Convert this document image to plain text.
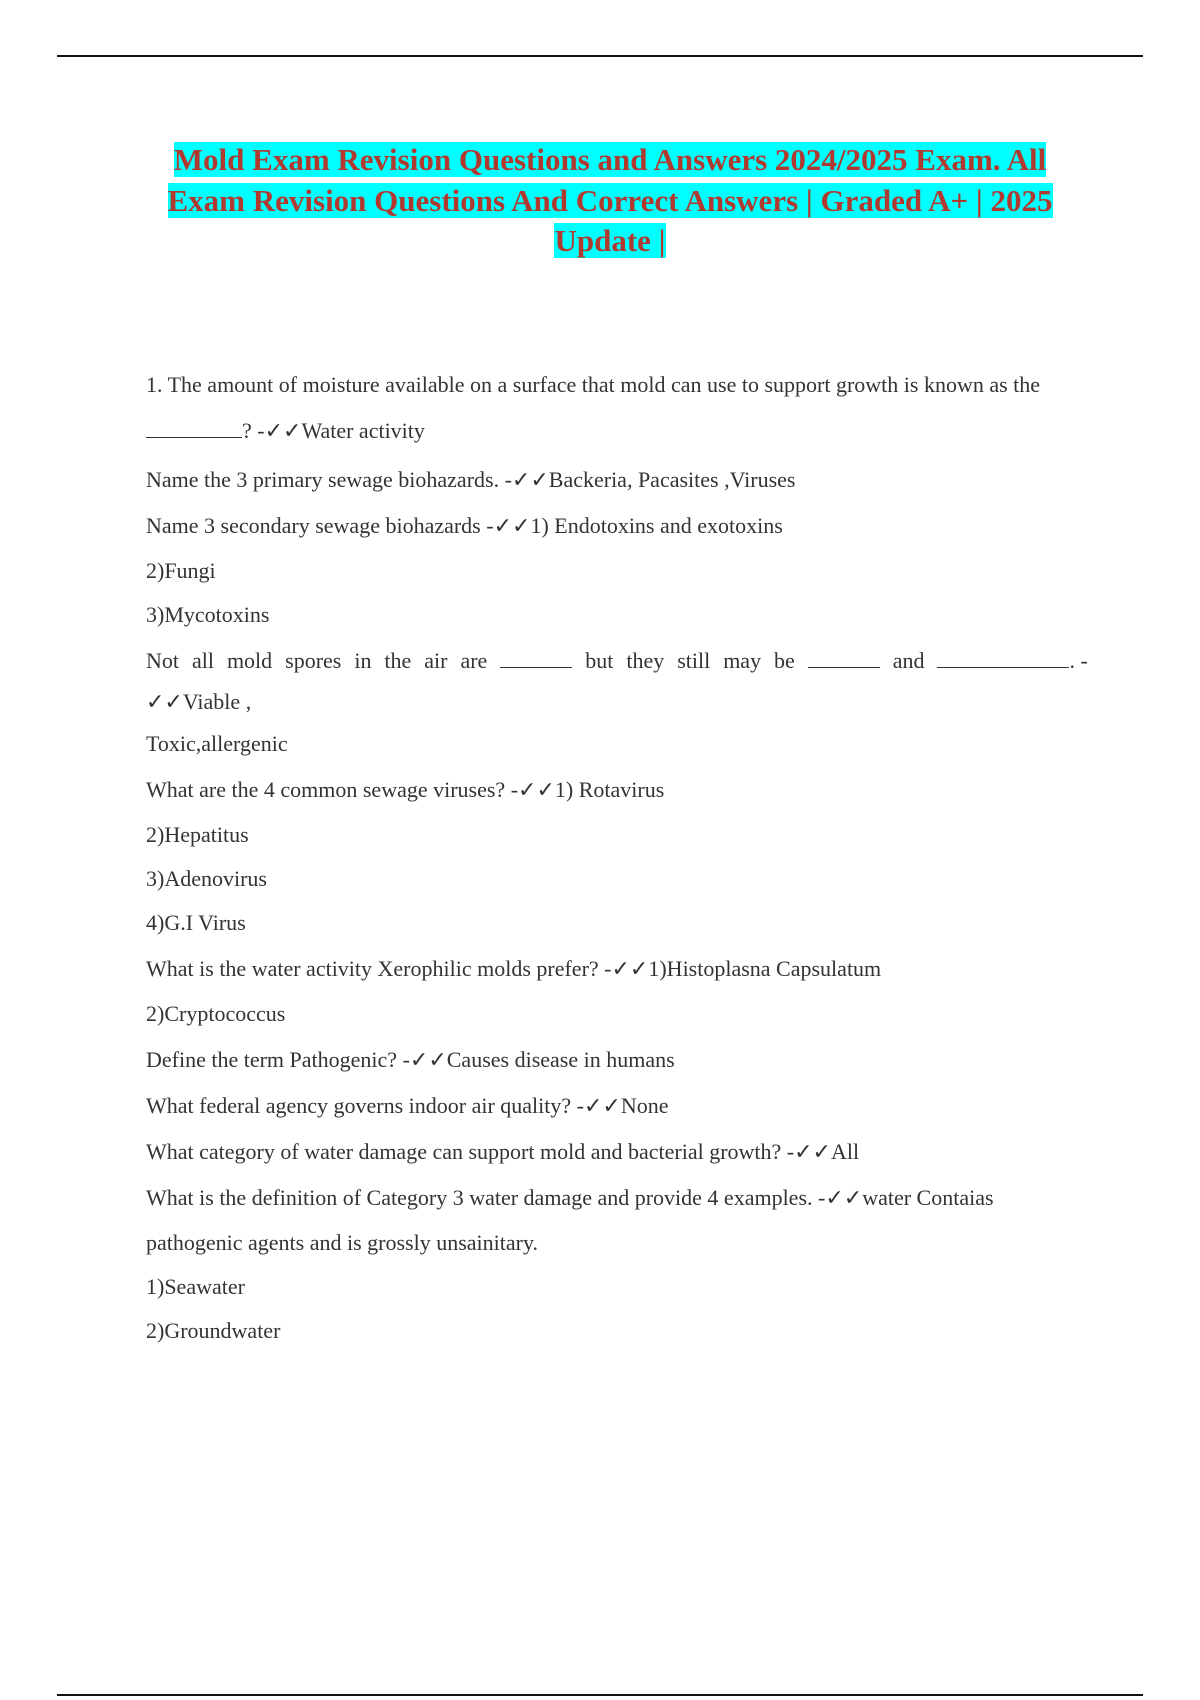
Mold Exam Revision Questions and Answers 2024/2025 Exam. All Exam Revision Questions And Correct Answers | Graded A+ | 2025 Update |

1. The amount of moisture available on a surface that mold can use to support growth is known as the

? -✓✓Water activity

Name the 3 primary sewage biohazards. -✓✓Backeria, Pacasites ,Viruses

Name 3 secondary sewage biohazards -✓✓1) Endotoxins and exotoxins

2)Fungi

3)Mycotoxins

Not all mold spores in the air are	but they still may be	and	. -

✓✓Viable ,

Toxic,allergenic

What are the 4 common sewage viruses? -✓✓1) Rotavirus

2)Hepatitus

3)Adenovirus

4)G.I Virus

What is the water activity Xerophilic molds prefer? -✓✓1)Histoplasna Capsulatum

2)Cryptococcus

Define the term Pathogenic? -✓✓Causes disease in humans

What federal agency governs indoor air quality? -✓✓None

What category of water damage can support mold and bacterial growth? -✓✓All

What is the definition of Category 3 water damage and provide 4 examples. -✓✓water Contaias

pathogenic agents and is grossly unsainitary.

1)Seawater

2)Groundwater
